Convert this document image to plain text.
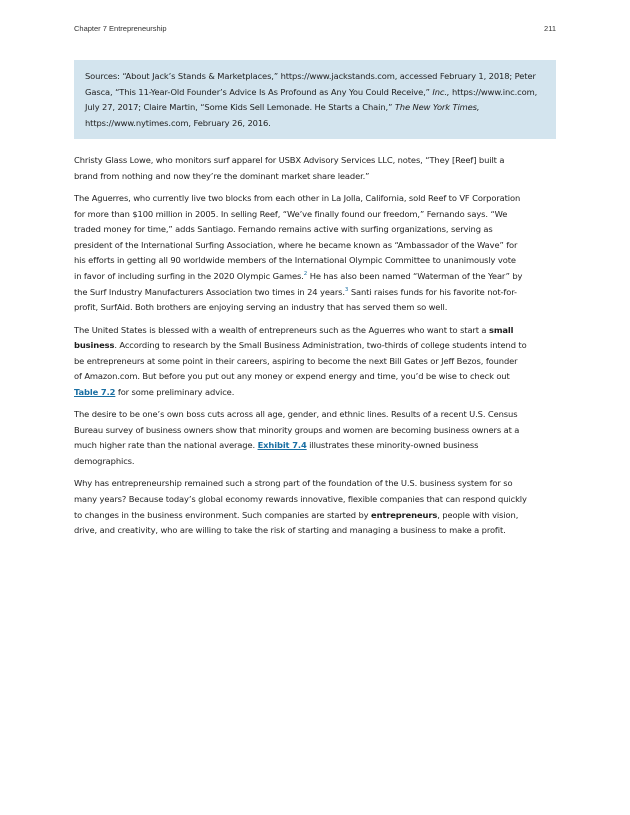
Chapter 7 Entrepreneurship	211

Sources: “About Jack’s Stands & Marketplaces,” https://www.jackstands.com, accessed February 1, 2018; Peter Gasca, “This 11-Year-Old Founder’s Advice Is As Profound as Any You Could Receive,” Inc., https://www.inc.com, July 27, 2017; Claire Martin, “Some Kids Sell Lemonade. He Starts a Chain,” The New York Times, https://www.nytimes.com, February 26, 2016.

Christy Glass Lowe, who monitors surf apparel for USBX Advisory Services LLC, notes, “They [Reef] built a
brand from nothing and now they’re the dominant market share leader.”

The Aguerres, who currently live two blocks from each other in La Jolla, California, sold Reef to VF Corporation
for more than $100 million in 2005. In selling Reef, “We’ve finally found our freedom,” Fernando says. “We
traded money for time,” adds Santiago. Fernando remains active with surfing organizations, serving as
president of the International Surfing Association, where he became known as “Ambassador of the Wave” for
his efforts in getting all 90 worldwide members of the International Olympic Committee to unanimously vote
in favor of including surfing in the 2020 Olympic Games.$^2$ He has also been named “Waterman of the Year” by
the Surf Industry Manufacturers Association two times in 24 years.$^3$ Santi raises funds for his favorite not-for-
profit, SurfAid. Both brothers are enjoying serving an industry that has served them so well.

The United States is blessed with a wealth of entrepreneurs such as the Aguerres who want to start a small
business. According to research by the Small Business Administration, two-thirds of college students intend to
be entrepreneurs at some point in their careers, aspiring to become the next Bill Gates or Jeff Bezos, founder
of Amazon.com. But before you put out any money or expend energy and time, you’d be wise to check out
Table 7.2 for some preliminary advice.

The desire to be one’s own boss cuts across all age, gender, and ethnic lines. Results of a recent U.S. Census
Bureau survey of business owners show that minority groups and women are becoming business owners at a
much higher rate than the national average. Exhibit 7.4 illustrates these minority-owned business
demographics.

Why has entrepreneurship remained such a strong part of the foundation of the U.S. business system for so
many years? Because today’s global economy rewards innovative, flexible companies that can respond quickly
to changes in the business environment. Such companies are started by entrepreneurs, people with vision,
drive, and creativity, who are willing to take the risk of starting and managing a business to make a profit.
